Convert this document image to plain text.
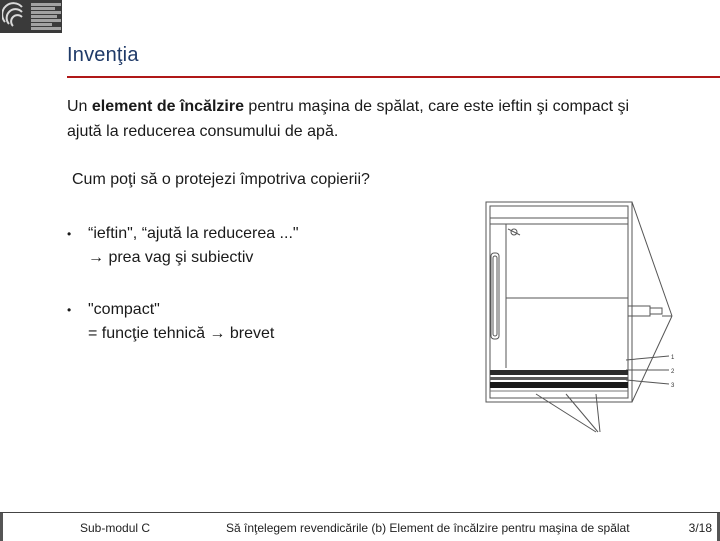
Invenţia
Un element de încălzire pentru maşina de spălat, care este ieftin şi compact şi ajută la reducerea consumului de apă.
Cum poţi să o protejezi împotriva copierii?
• “ieftin", “ajută la reducerea ..."
→ prea vag şi subiectiv
• "compact"
= funcţie tehnică → brevet
1
2
3
Sub-modul C	Să înţelegem revendicările (b) Element de încălzire pentru maşina de spălat	3/18
